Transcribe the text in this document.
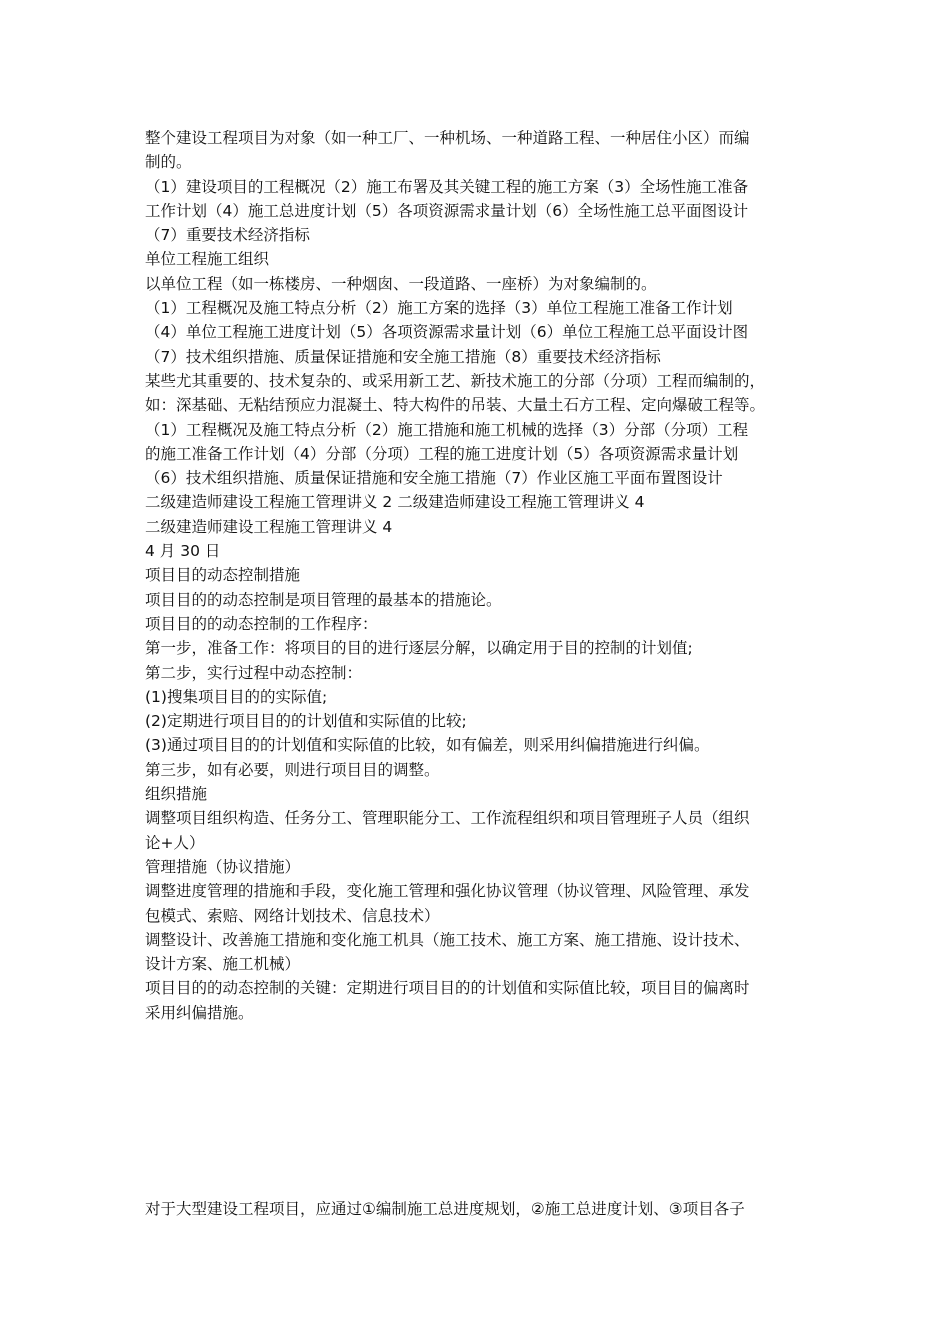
整个建设工程项目为对象（如一种工厂、一种机场、一种道路工程、一种居住小区）而编
制的。
（1）建设项目的工程概况（2）施工布署及其关键工程的施工方案（3）全场性施工准备
工作计划（4）施工总进度计划（5）各项资源需求量计划（6）全场性施工总平面图设计
（7）重要技术经济指标
单位工程施工组织
以单位工程（如一栋楼房、一种烟囱、一段道路、一座桥）为对象编制的。
（1）工程概况及施工特点分析（2）施工方案的选择（3）单位工程施工准备工作计划
（4）单位工程施工进度计划（5）各项资源需求量计划（6）单位工程施工总平面设计图
（7）技术组织措施、质量保证措施和安全施工措施（8）重要技术经济指标
某些尤其重要的、技术复杂的、或采用新工艺、新技术施工的分部（分项）工程而编制的，
如：深基础、无粘结预应力混凝土、特大构件的吊装、大量土石方工程、定向爆破工程等。
（1）工程概况及施工特点分析（2）施工措施和施工机械的选择（3）分部（分项）工程
的施工准备工作计划（4）分部（分项）工程的施工进度计划（5）各项资源需求量计划
（6）技术组织措施、质量保证措施和安全施工措施（7）作业区施工平面布置图设计
二级建造师建设工程施工管理讲义 2 二级建造师建设工程施工管理讲义 4
二级建造师建设工程施工管理讲义 4
4 月 30 日
项目目的动态控制措施
项目目的的动态控制是项目管理的最基本的措施论。
项目目的的动态控制的工作程序：
第一步，准备工作：将项目的目的进行逐层分解，以确定用于目的控制的计划值;
第二步，实行过程中动态控制：
(1)搜集项目目的的实际值;
(2)定期进行项目目的的计划值和实际值的比较;
(3)通过项目目的的计划值和实际值的比较，如有偏差，则采用纠偏措施进行纠偏。
第三步，如有必要，则进行项目目的调整。
组织措施
调整项目组织构造、任务分工、管理职能分工、工作流程组织和项目管理班子人员（组织
论+人）
管理措施（协议措施）
调整进度管理的措施和手段，变化施工管理和强化协议管理（协议管理、风险管理、承发
包模式、索赔、网络计划技术、信息技术）
调整设计、改善施工措施和变化施工机具（施工技术、施工方案、施工措施、设计技术、
设计方案、施工机械）
项目目的的动态控制的关键：定期进行项目目的的计划值和实际值比较，项目目的偏离时
采用纠偏措施。
对于大型建设工程项目，应通过①编制施工总进度规划，②施工总进度计划、③项目各子
